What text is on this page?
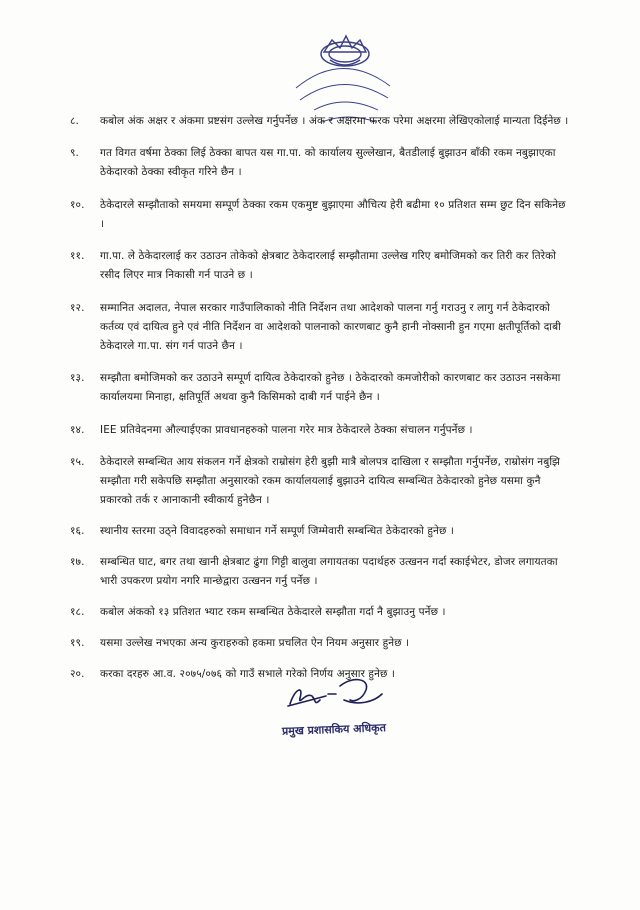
८.	कबोल अंक अक्षर र अंकमा प्रष्टसंग उल्लेख गर्नुपर्नेछ । अंक र अक्षरमा फरक परेमा अक्षरमा लेखिएकोलाई मान्यता दिईनेछ ।
९.	गत विगत वर्षमा ठेक्का लिई ठेक्का बापत यस गा.पा. को कार्यालय सुल्लेखान, बैतडीलाई बुझाउन बाँकी रकम नबुझाएका ठेकेदारको ठेक्का स्वीकृत गरिने छैन ।
१०.	ठेकेदारले सम्झौताको समयमा सम्पूर्ण ठेक्का रकम एकमुष्ट बुझाएमा औचित्य हेरी बढीमा १० प्रतिशत सम्म छुट दिन सकिनेछ ।
११.	गा.पा. ले ठेकेदारलाई कर उठाउन तोकेको क्षेत्रबाट ठेकेदारलाई सम्झौतामा उल्लेख गरिए बमोजिमको कर तिरी कर तिरेको रसीद लिएर मात्र निकासी गर्न पाउने छ ।
१२.	सम्मानित अदालत, नेपाल सरकार गाउँपालिकाको नीति निर्देशन तथा आदेशको पालना गर्नु गराउनु र लागु गर्न ठेकेदारको कर्तव्य एवं दायित्व हुने एवं नीति निर्देशन वा आदेशको पालनाको कारणबाट कुनै हानी नोक्सानी हुन गएमा क्षतीपूर्तिको दाबी ठेकेदारले गा.पा. संग गर्न पाउने छैन ।
१३.	सम्झौता बमोजिमको कर उठाउने सम्पूर्ण दायित्व ठेकेदारको हुनेछ । ठेकेदारको कमजोरीको कारणबाट कर उठाउन नसकेमा कार्यालयमा मिनाहा, क्षतिपूर्ति अथवा कुनै किसिमको दाबी गर्न पाईने छैन ।
१४.	IEE प्रतिवेदनमा औल्याईएका प्रावधानहरुको पालना गरेर मात्र ठेकेदारले ठेक्का संचालन गर्नुपर्नेछ ।
१५.	ठेकेदारले सम्बन्धित आय संकलन गर्ने क्षेत्रको राम्रोसंग हेरी बुझी मात्रै बोलपत्र दाखिला र सम्झौता गर्नुपर्नेछ, राम्रोसंग नबुझि सम्झौता गरी सकेपछि सम्झौता अनुसारको रकम कार्यालयलाई बुझाउने दायित्व सम्बन्धित ठेकेदारको हुनेछ यसमा कुनै प्रकारको तर्क र आनाकानी स्वीकार्य हुनेछैन ।
१६.	स्थानीय स्तरमा उठ्ने विवादहरुको समाधान गर्ने सम्पूर्ण जिम्मेवारी सम्बन्धित ठेकेदारको हुनेछ ।
१७.	सम्बन्धित घाट, बगर तथा खानी क्षेत्रबाट ढुंगा गिट्टी बालुवा लगायतका पदार्थहरु उत्खनन गर्दा स्काईभेटर, डोजर लगायतका भारी उपकरण प्रयोग नगरि मान्छेद्वारा उत्खनन गर्नु पर्नेछ ।
१८.	कबोल अंकको १३ प्रतिशत भ्याट रकम सम्बन्धित ठेकेदारले सम्झौता गर्दा नै बुझाउनु पर्नेछ ।
१९.	यसमा उल्लेख नभएका अन्य कुराहरुको हकमा प्रचलित ऐन नियम अनुसार हुनेछ ।
२०.	करका दरहरु आ.व. २०७५/०७६ को गाउँ सभाले गरेको निर्णय अनुसार हुनेछ ।
प्रमुख प्रशासकिय अधिकृत
